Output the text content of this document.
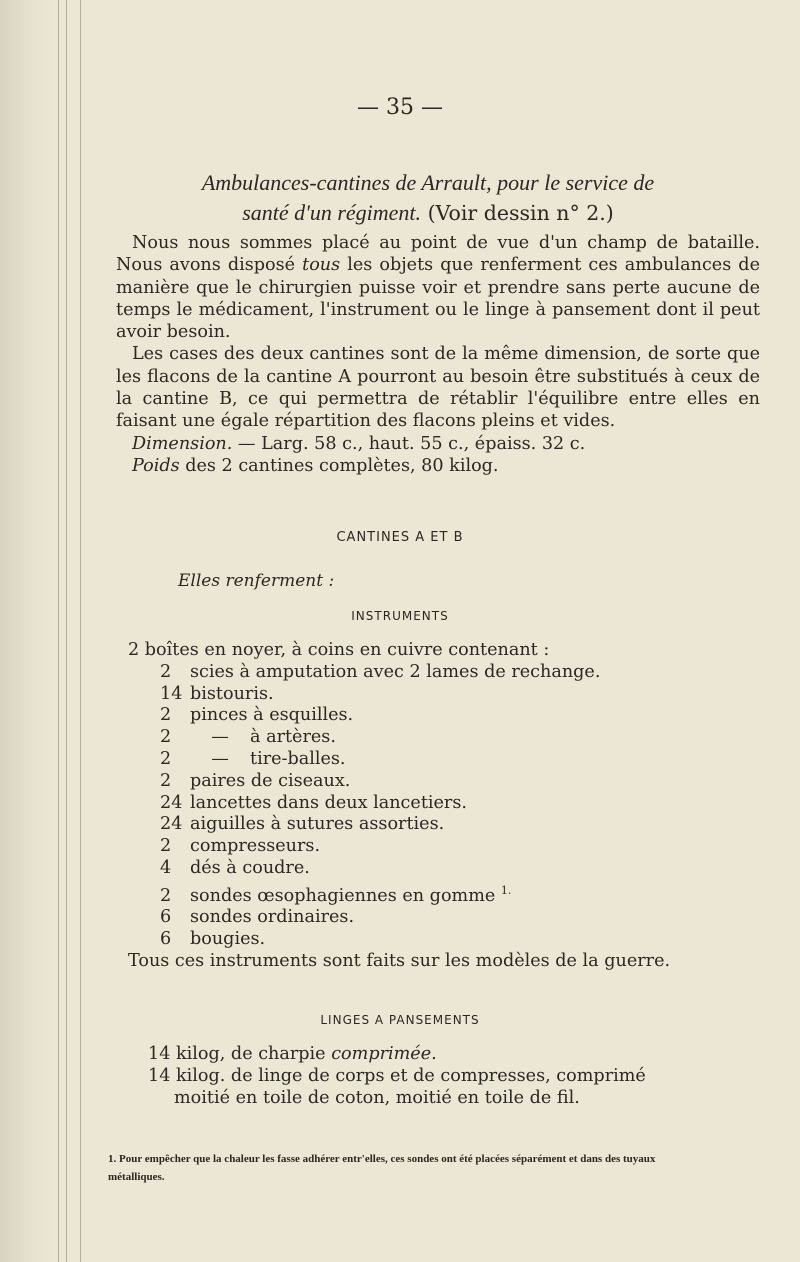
— 35 —
Ambulances-cantines de Arrault, pour le service de
santé d'un régiment. (Voir dessin n° 2.)

Nous nous sommes placé au point de vue d'un champ de bataille. Nous avons disposé tous les objets que renferment ces ambulances de manière que le chirurgien puisse voir et prendre sans perte aucune de temps le médicament, l'instrument ou le linge à pansement dont il peut avoir besoin.

Les cases des deux cantines sont de la même dimension, de sorte que les flacons de la cantine A pourront au besoin être substitués à ceux de la cantine B, ce qui permettra de rétablir l'équilibre entre elles en faisant une égale répartition des flacons pleins et vides.

Dimension. — Larg. 58 c., haut. 55 c., épaiss. 32 c.

Poids des 2 cantines complètes, 80 kilog.

CANTINES A ET B
Elles renferment :
INSTRUMENTS
2 boîtes en noyer, à coins en cuivre contenant :
2 scies à amputation avec 2 lames de rechange.
14 bistouris.
2 pinces à esquilles.
2 — à artères.
2 — tire-balles.
2 paires de ciseaux.
24 lancettes dans deux lancetiers.
24 aiguilles à sutures assorties.
2 compresseurs.
4 dés à coudre.
2 sondes œsophagiennes en gomme $^{1.}$
6 sondes ordinaires.
6 bougies.
Tous ces instruments sont faits sur les modèles de la guerre.
LINGES A PANSEMENTS
14 kilog, de charpie comprimée.
14 kilog. de linge de corps et de compresses, comprimé moitié en toile de coton, moitié en toile de fil.
1. Pour empêcher que la chaleur les fasse adhérer entr'elles, ces sondes ont été placées séparément et dans des tuyaux métalliques.
